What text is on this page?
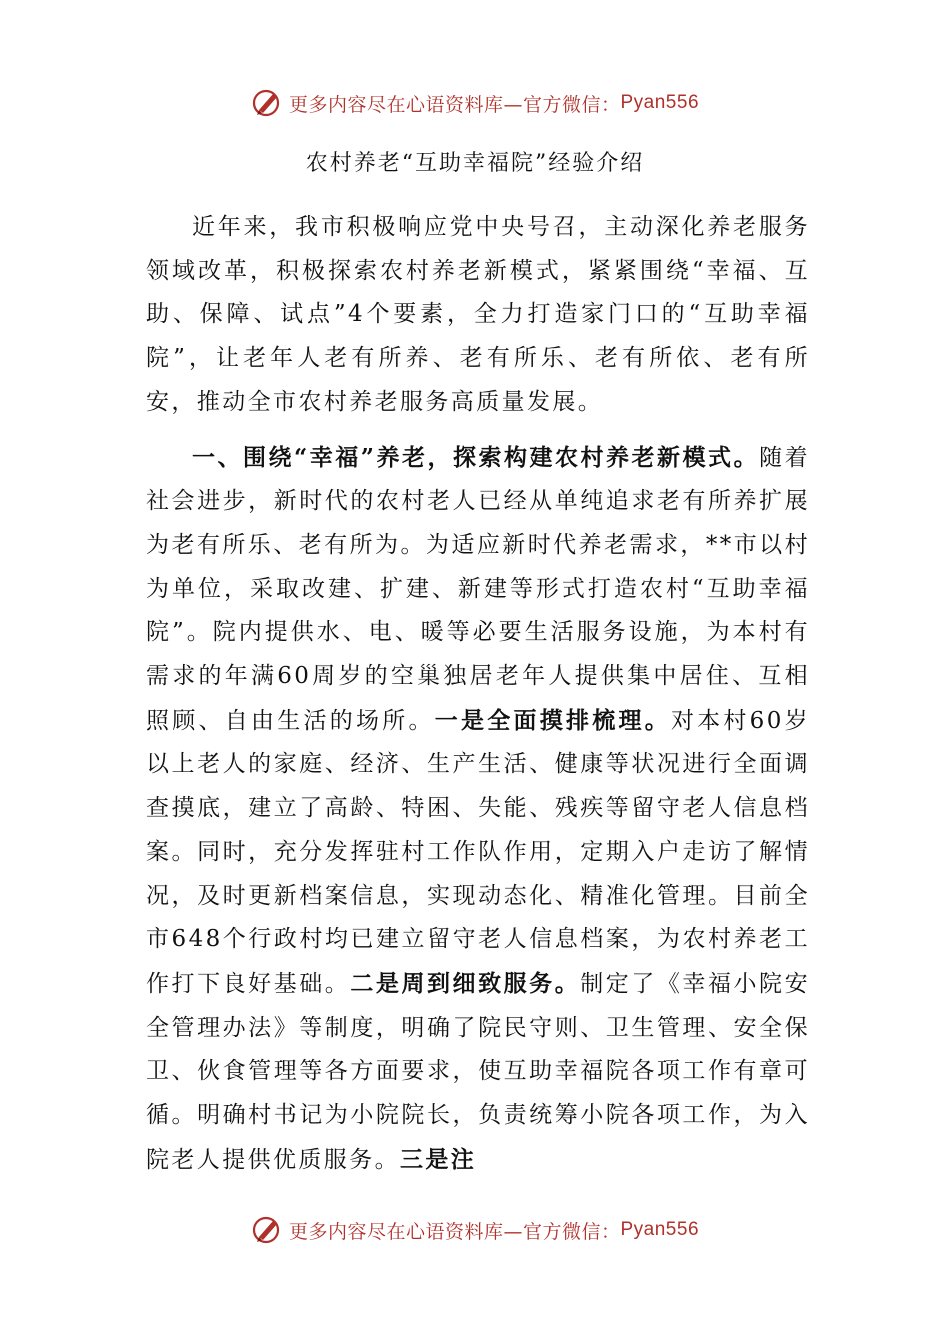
更多内容尽在心语资料库—官方微信： Pyan556
农村养老“互助幸福院”经验介绍

近年来，我市积极响应党中央号召，主动深化养老服务领域改革，积极探索农村养老新模式，紧紧围绕“幸福、互助、保障、试点”4个要素，全力打造家门口的“互助幸福院”，让老年人老有所养、老有所乐、老有所依、老有所安，推动全市农村养老服务高质量发展。

一、围绕“幸福”养老，探索构建农村养老新模式。随着社会进步，新时代的农村老人已经从单纯追求老有所养扩展为老有所乐、老有所为。为适应新时代养老需求，**市以村为单位，采取改建、扩建、新建等形式打造农村“互助幸福院”。院内提供水、电、暖等必要生活服务设施，为本村有需求的年满60周岁的空巢独居老年人提供集中居住、互相照顾、自由生活的场所。一是全面摸排梳理。对本村60岁以上老人的家庭、经济、生产生活、健康等状况进行全面调查摸底，建立了高龄、特困、失能、残疾等留守老人信息档案。同时，充分发挥驻村工作队作用，定期入户走访了解情况，及时更新档案信息，实现动态化、精准化管理。目前全市648个行政村均已建立留守老人信息档案，为农村养老工作打下良好基础。二是周到细致服务。制定了《幸福小院安全管理办法》等制度，明确了院民守则、卫生管理、安全保卫、伙食管理等各方面要求，使互助幸福院各项工作有章可循。明确村书记为小院院长，负责统筹小院各项工作，为入院老人提供优质服务。三是注

更多内容尽在心语资料库—官方微信： Pyan556
